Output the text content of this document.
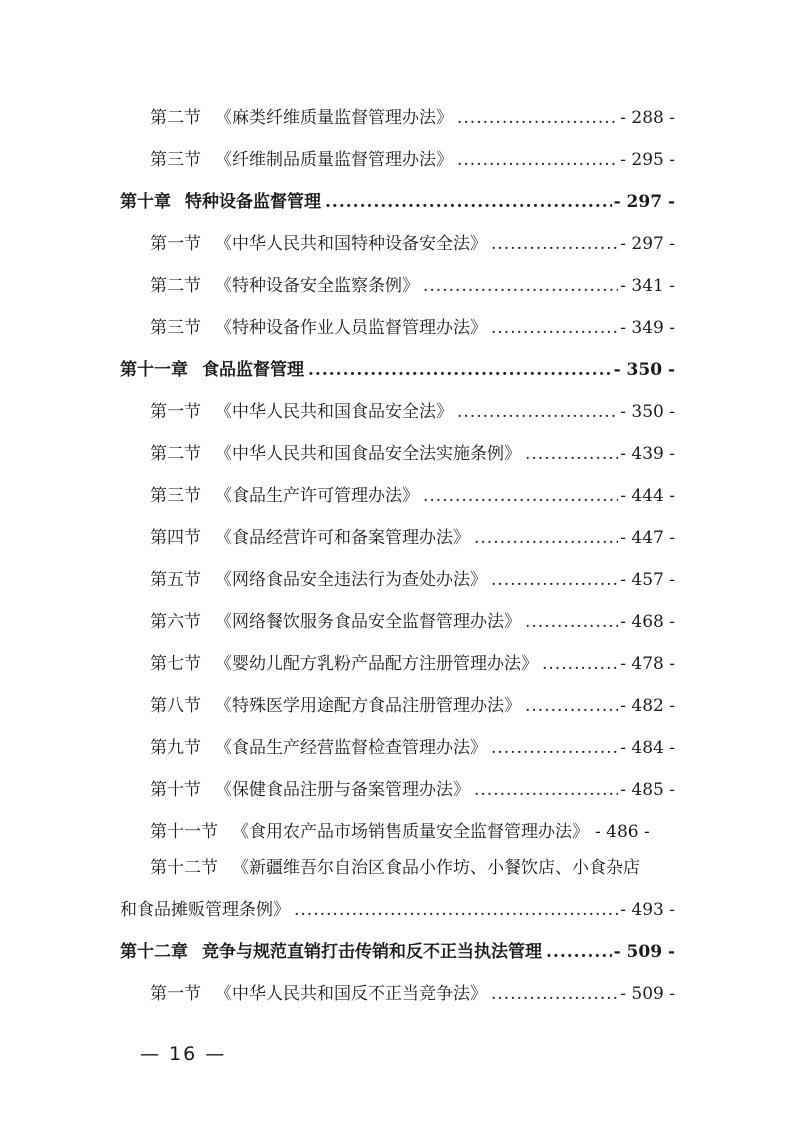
第二节 《麻类纤维质量监督管理办法》 .....	- 288 -
第三节 《纤维制品质量监督管理办法》 .....	- 295 -
第十章 特种设备监督管理 .....	- 297 -
第一节 《中华人民共和国特种设备安全法》 .....	- 297 -
第二节 《特种设备安全监察条例》 .....	- 341 -
第三节 《特种设备作业人员监督管理办法》 .....	- 349 -
第十一章 食品监督管理 .....	- 350 -
第一节 《中华人民共和国食品安全法》 .....	- 350 -
第二节 《中华人民共和国食品安全法实施条例》 .....	- 439 -
第三节 《食品生产许可管理办法》 .....	- 444 -
第四节 《食品经营许可和备案管理办法》 .....	- 447 -
第五节 《网络食品安全违法行为查处办法》 .....	- 457 -
第六节 《网络餐饮服务食品安全监督管理办法》 .....	- 468 -
第七节 《婴幼儿配方乳粉产品配方注册管理办法》 .....	- 478 -
第八节 《特殊医学用途配方食品注册管理办法》 .....	- 482 -
第九节 《食品生产经营监督检查管理办法》 .....	- 484 -
第十节 《保健食品注册与备案管理办法》 .....	- 485 -
第十一节 《食用农产品市场销售质量安全监督管理办法》 - 486 -
第十二节 《新疆维吾尔自治区食品小作坊、小餐饮店、小食杂店
和食品摊贩管理条例》 .....	- 493 -
第十二章 竞争与规范直销打击传销和反不正当执法管理 .....	- 509 -
第一节 《中华人民共和国反不正当竞争法》 .....	- 509 -
— 16 —
